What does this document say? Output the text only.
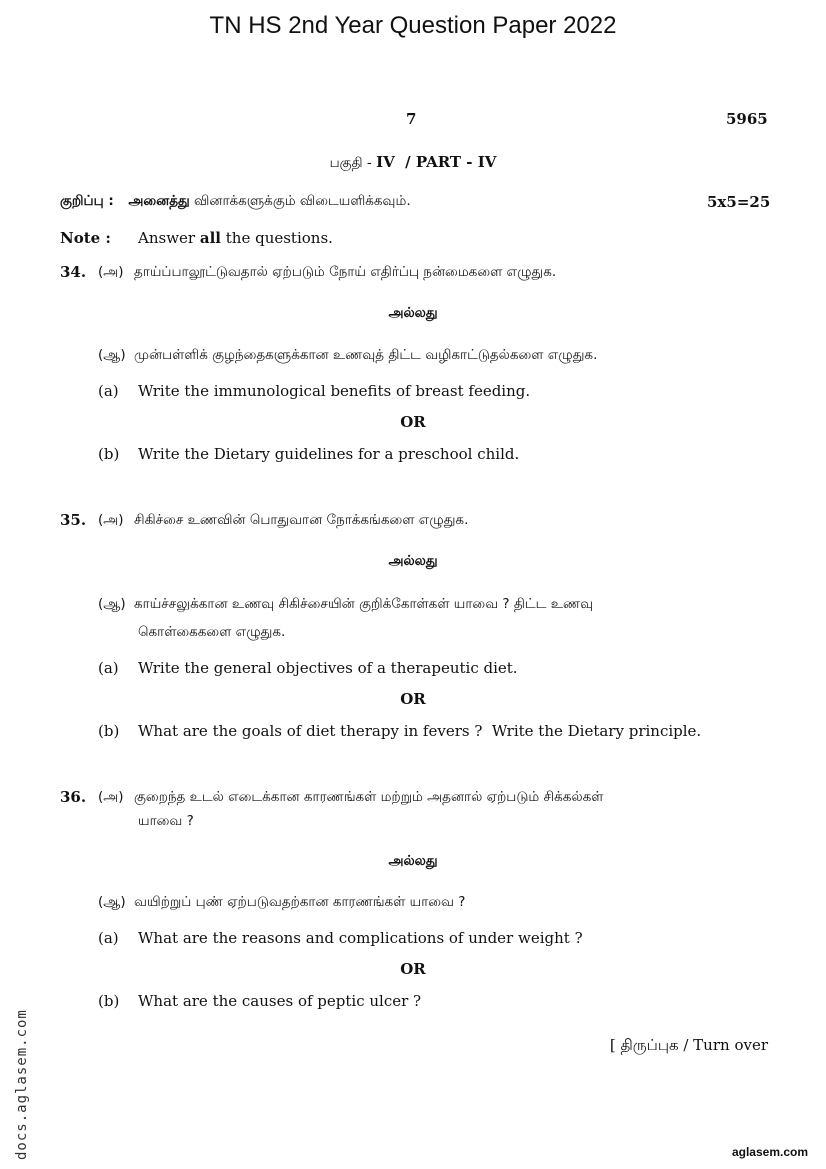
TN HS 2nd Year Question Paper 2022
7	5965
பகுதி - IV  / PART - IV
குறிப்பு : அனைத்து வினாக்களுக்கும் விடையளிக்கவும்.	5x5=25
Note : Answer all the questions.
34. (அ) தாய்ப்பாலூட்டுவதால் ஏற்படும் நோய் எதிர்ப்பு நன்மைகளை எழுதுக.
அல்லது
(ஆ) முன்பள்ளிக் குழந்தைகளுக்கான உணவுத் திட்ட வழிகாட்டுதல்களை எழுதுக.
(a) Write the immunological benefits of breast feeding.
OR
(b) Write the Dietary guidelines for a preschool child.
35. (அ) சிகிச்சை உணவின் பொதுவான நோக்கங்களை எழுதுக.
அல்லது
(ஆ) காய்ச்சலுக்கான உணவு சிகிச்சையின் குறிக்கோள்கள் யாவை ? திட்ட உணவு
கொள்கைகளை எழுதுக.
(a) Write the general objectives of a therapeutic diet.
OR
(b) What are the goals of diet therapy in fevers ?  Write the Dietary principle.
36. (அ) குறைந்த உடல் எடைக்கான காரணங்கள் மற்றும் அதனால் ஏற்படும் சிக்கல்கள்
யாவை ?
அல்லது
(ஆ) வயிற்றுப் புண் ஏற்படுவதற்கான காரணங்கள் யாவை ?
(a) What are the reasons and complications of under weight ?
OR
(b) What are the causes of peptic ulcer ?
[ திருப்புக / Turn over
docs.aglasem.com	aglasem.com
